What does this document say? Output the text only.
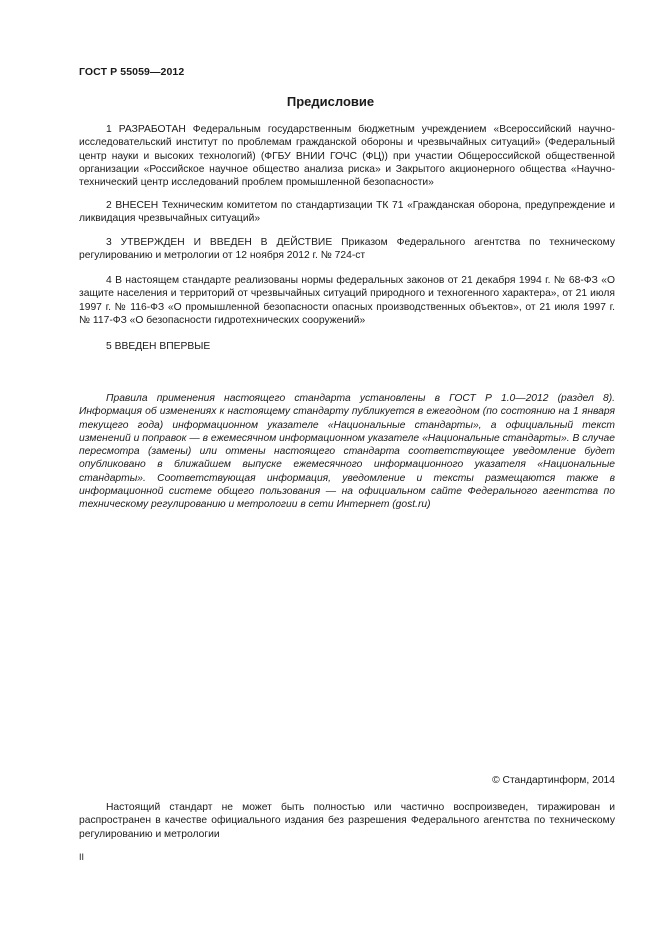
ГОСТ Р 55059—2012
Предисловие

1 РАЗРАБОТАН Федеральным государственным бюджетным учреждением «Всероссийский научно-исследовательский институт по проблемам гражданской обороны и чрезвычайных ситуаций» (Федеральный центр науки и высоких технологий) (ФГБУ ВНИИ ГОЧС (ФЦ)) при участии Общероссийской общественной организации «Российское научное общество анализа риска» и Закрытого акционерного общества «Научно-технический центр исследований проблем промышленной безопасности»

2 ВНЕСЕН Техническим комитетом по стандартизации ТК 71 «Гражданская оборона, предупреждение и ликвидация чрезвычайных ситуаций»

3 УТВЕРЖДЕН И ВВЕДЕН В ДЕЙСТВИЕ Приказом Федерального агентства по техническому регулированию и метрологии от 12 ноября 2012 г. № 724-ст

4 В настоящем стандарте реализованы нормы федеральных законов от 21 декабря 1994 г. № 68-ФЗ «О защите населения и территорий от чрезвычайных ситуаций природного и техногенного характера», от 21 июля 1997 г. № 116-ФЗ «О промышленной безопасности опасных производственных объектов», от 21 июля 1997 г. № 117-ФЗ «О безопасности гидротехнических сооружений»

5 ВВЕДЕН ВПЕРВЫЕ

Правила применения настоящего стандарта установлены в ГОСТ Р 1.0—2012 (раздел 8). Информация об изменениях к настоящему стандарту публикуется в ежегодном (по состоянию на 1 января текущего года) информационном указателе «Национальные стандарты», а официальный текст изменений и поправок — в ежемесячном информационном указателе «Национальные стандарты». В случае пересмотра (замены) или отмены настоящего стандарта соответствующее уведомление будет опубликовано в ближайшем выпуске ежемесячного информационного указателя «Национальные стандарты». Соответствующая информация, уведомление и тексты размещаются также в информационной системе общего пользования — на официальном сайте Федерального агентства по техническому регулированию и метрологии в сети Интернет (gost.ru)

© Стандартинформ, 2014

Настоящий стандарт не может быть полностью или частично воспроизведен, тиражирован и распространен в качестве официального издания без разрешения Федерального агентства по техническому регулированию и метрологии

II
